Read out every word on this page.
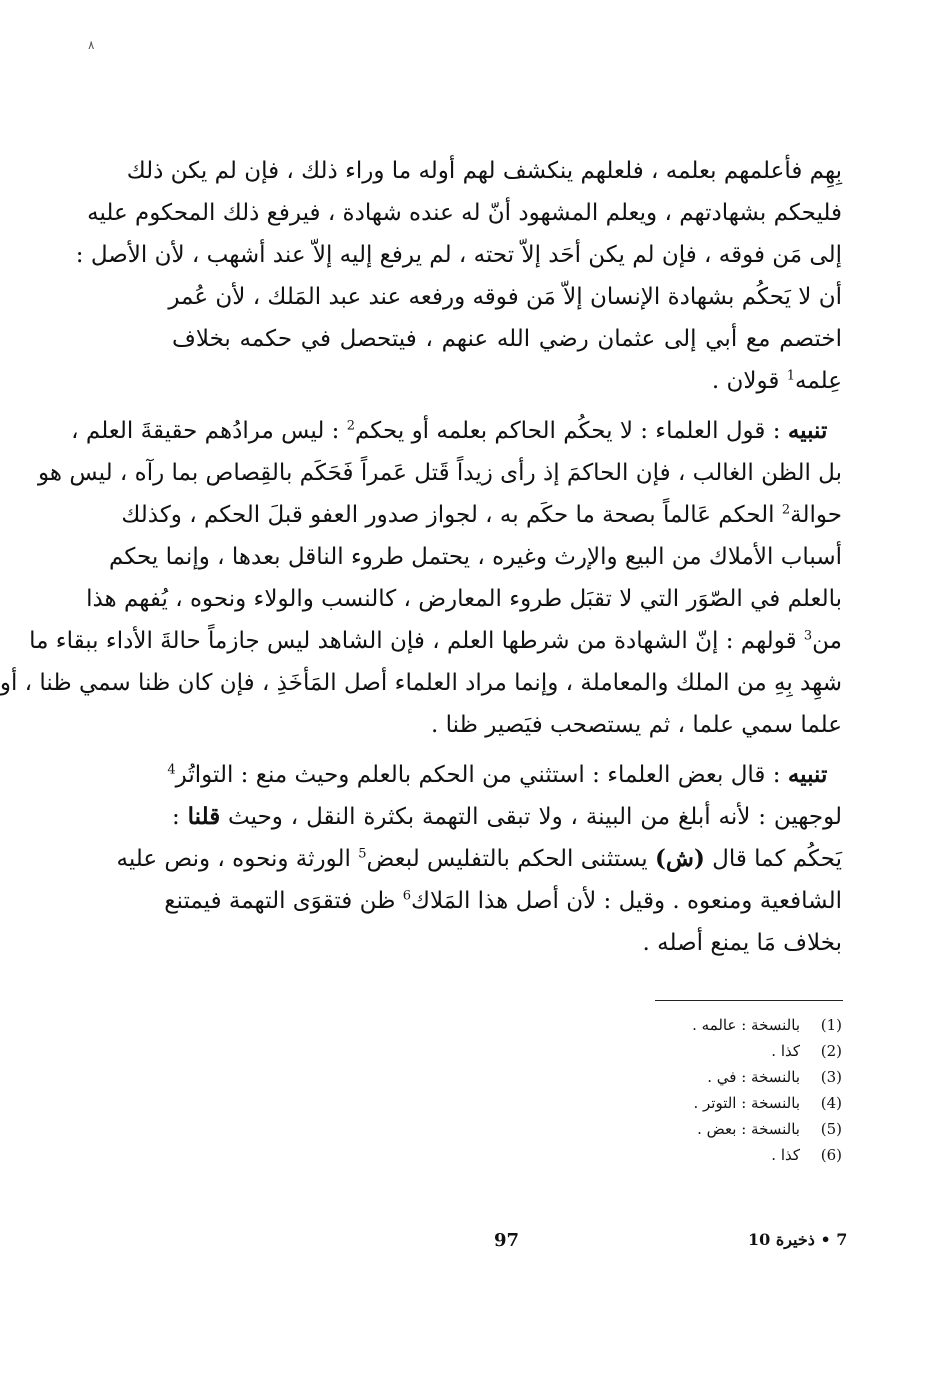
٨
بِهِم فأعلمهم بعلمه ، فلعلهم ينكشف لهم أوله ما وراء ذلك ، فإن لم يكن ذلك
فليحكم بشهادتهم ، ويعلم المشهود أنّ له عنده شهادة ، فيرفع ذلك المحكوم عليه
إلى مَن فوقه ، فإن لم يكن أحَد إلاّ تحته ، لم يرفع إليه إلاّ عند أشهب ، لأن الأصل :
أن لا يَحكُم بشهادة الإنسان إلاّ مَن فوقه ورفعه عند عبد المَلك ، لأن عُمر
اختصم مع أبي إلى عثمان رضي الله عنهم ، فيتحصل في حكمه بخلاف
عِلمه$^1$ قولان .
تنبيه : قول العلماء : لا يحكُم الحاكم بعلمه أو يحكم$^2$ : ليس مرادُهم حقيقةَ العلم ،
بل الظن الغالب ، فإن الحاكمَ إذ رأى زيداً قَتل عَمراً فَحَكَم بالقِصاص بما رآه ، ليس هو
حوالة$^2$ الحكم عَالماً بصحة ما حكَم به ، لجواز صدور العفو قبلَ الحكم ، وكذلك
أسباب الأملاك من البيع والإرث وغيره ، يحتمل طروء الناقل بعدها ، وإنما يحكم
بالعلم في الصّوَر التي لا تقبَل طروء المعارض ، كالنسب والولاء ونحوه ، يُفهم هذا
من$^3$ قولهم : إنّ الشهادة من شرطها العلم ، فإن الشاهد ليس جازماً حالةَ الأداء ببقاء ما
شهِد بِهِ من الملك والمعاملة ، وإنما مراد العلماء أصل المَأخَذِ ، فإن كان ظنا سمي ظنا ، أو
علما سمي علما ، ثم يستصحب فيَصير ظنا .
تنبيه : قال بعض العلماء : استثني من الحكم بالعلم وحيث منع : التواتُر$^4$
لوجهين : لأنه أبلغ من البينة ، ولا تبقى التهمة بكثرة النقل ، وحيث قلنا :
يَحكُم كما قال (ش) يستثنى الحكم بالتفليس لبعض$^5$ الورثة ونحوه ، ونص عليه
الشافعية ومنعوه . وقيل : لأن أصل هذا المَلاك$^6$ ظن فتقوَى التهمة فيمتنع
بخلاف مَا يمنع أصله .
(1)
بالنسخة : عالمه .
(2)
كذا .
(3)
بالنسخة : في .
(4)
بالنسخة : التوتر .
(5)
بالنسخة : بعض .
(6)
كذا .
97	7 • ذخيرة 10
